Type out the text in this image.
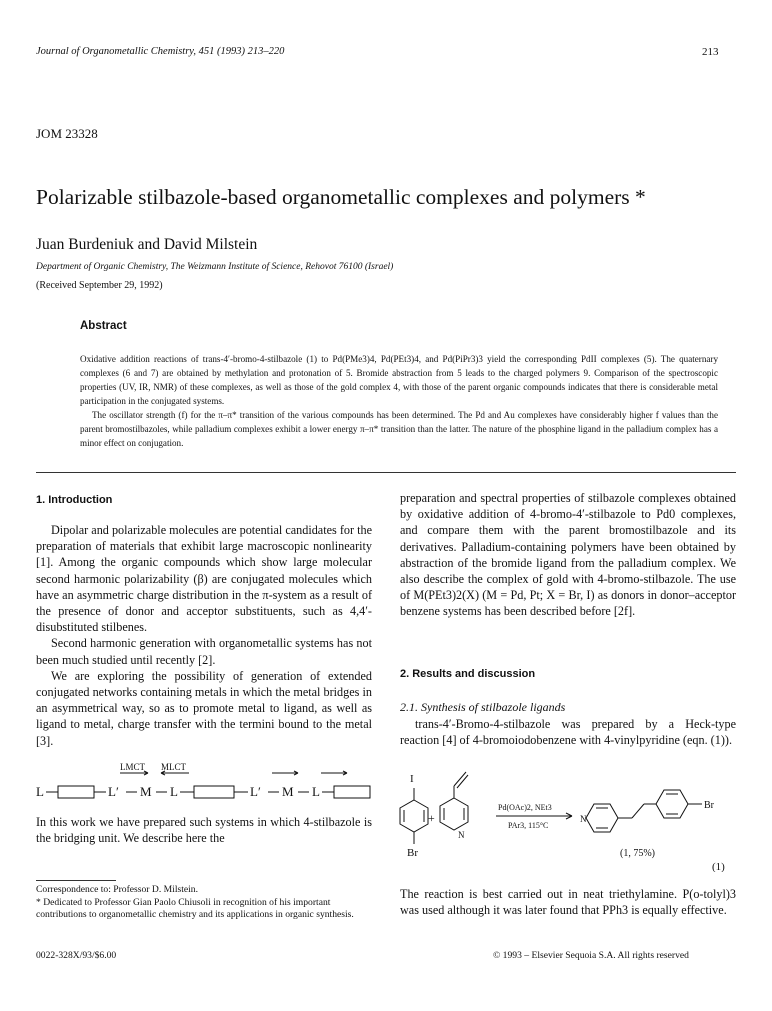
Journal of Organometallic Chemistry, 451 (1993) 213–220	213
JOM 23328
Polarizable stilbazole-based organometallic complexes and polymers *
Juan Burdeniuk and David Milstein
Department of Organic Chemistry, The Weizmann Institute of Science, Rehovot 76100 (Israel)
(Received September 29, 1992)
Abstract

Oxidative addition reactions of trans-4′-bromo-4-stilbazole (1) to Pd(PMe3)4, Pd(PEt3)4, and Pd(PiPr3)3 yield the corresponding PdII complexes (5). The quaternary complexes (6 and 7) are obtained by methylation and protonation of 5. Bromide abstraction from 5 leads to the charged polymers 9. Comparison of the spectroscopic properties (UV, IR, NMR) of these complexes, as well as those of the gold complex 4, with those of the parent organic compounds indicates that there is considerable metal participation in the conjugated systems.

The oscillator strength (f) for the π–π* transition of the various compounds has been determined. The Pd and Au complexes have considerably higher f values than the parent bromostilbazoles, while palladium complexes exhibit a lower energy π–π* transition than the latter. The nature of the phosphine ligand in the palladium complex has a minor effect on conjugation.

1. Introduction

Dipolar and polarizable molecules are potential candidates for the preparation of materials that exhibit large macroscopic nonlinearity [1]. Among the organic compounds which show large molecular second harmonic polarizability (β) are conjugated molecules which have an asymmetric charge distribution in the π-system as a result of the presence of donor and acceptor substituents, such as 4,4′-disubstituted stilbenes.

Second harmonic generation with organometallic systems has not been much studied until recently [2].

We are exploring the possibility of generation of extended conjugated networks containing metals in which the metal bridges in an asymmetrical way, so as to promote metal to ligand, as well as ligand to metal, charge transfer with the termini bound to the metal [3].

LMCT MLCT
L	L′ M L	L′ M L

In this work we have prepared such systems in which 4-stilbazole is the bridging unit. We describe here the

Correspondence to: Professor D. Milstein.

* Dedicated to Professor Gian Paolo Chiusoli in recognition of his important contributions to organometallic chemistry and its applications in organic synthesis.

0022-328X/93/$6.00	© 1993 – Elsevier Sequoia S.A. All rights reserved

preparation and spectral properties of stilbazole complexes obtained by oxidative addition of 4-bromo-4′-stilbazole to Pd0 complexes, and compare them with the parent bromostilbazole and its derivatives. Palladium-containing polymers have been obtained by abstraction of the bromide ligand from the palladium complex. We also describe the complex of gold with 4-bromo-stilbazole. The use of M(PEt3)2(X) (M = Pd, Pt; X = Br, I) as donors in donor–acceptor benzene systems has been described before [2f].

2. Results and discussion
2.1. Synthesis of stilbazole ligands

trans-4′-Bromo-4-stilbazole was prepared by a Heck-type reaction [4] of 4-bromoiodobenzene with 4-vinylpyridine (eqn. (1)).

I
Br
+
N
Pd(OAc)2, NEt3
PAr3, 115°C
N
Br
(1, 75%)
(1)

The reaction is best carried out in neat triethylamine. P(o-tolyl)3 was used although it was later found that PPh3 is equally effective.
